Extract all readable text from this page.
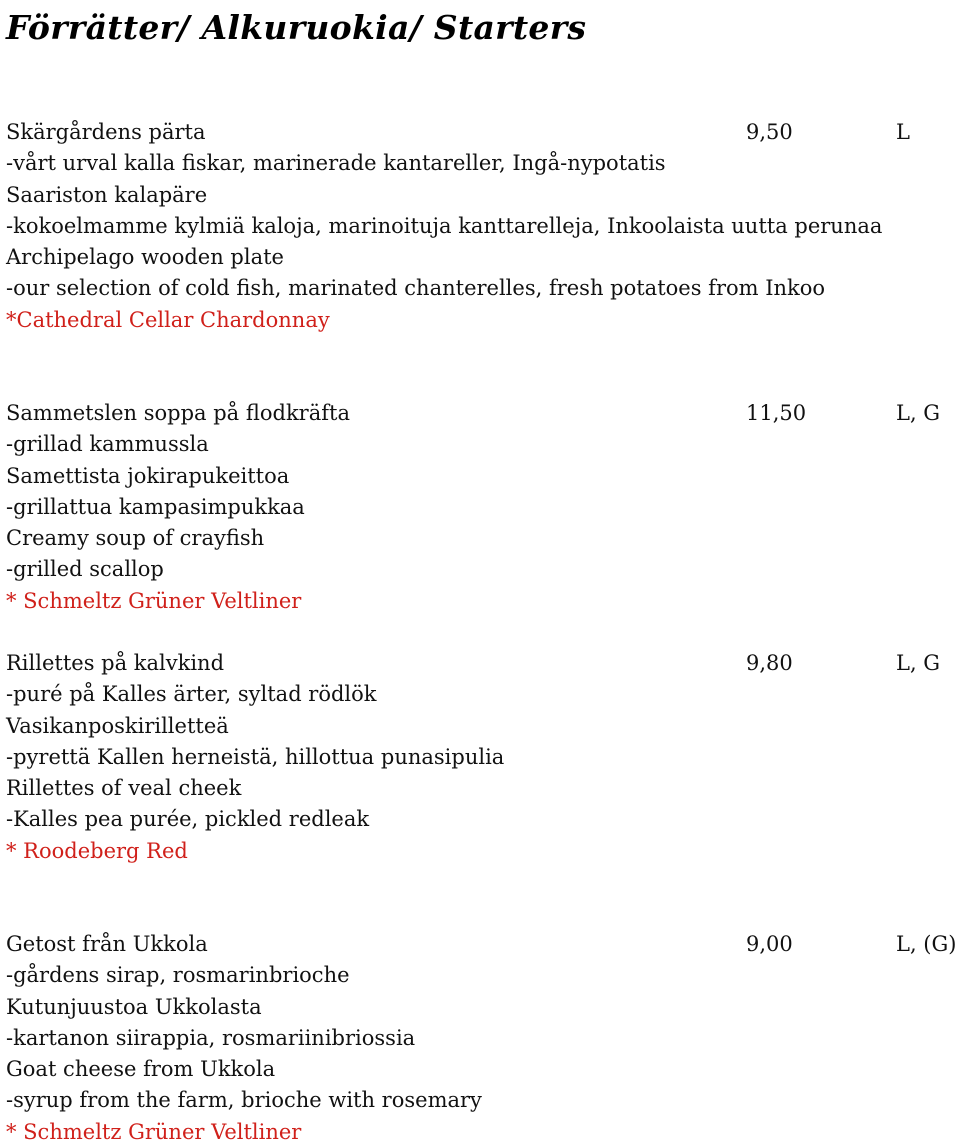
Förrätter/ Alkuruokia/ Starters
Skärgårdens pärta	9,50	L
-vårt urval kalla fiskar, marinerade kantareller, Ingå-nypotatis
Saariston kalapäre
-kokoelmamme kylmiä kaloja, marinoituja kanttarelleja, Inkoolaista uutta perunaa
Archipelago wooden plate
-our selection of cold fish, marinated chanterelles, fresh potatoes from Inkoo
*Cathedral Cellar Chardonnay
Sammetslen soppa på flodkräfta	11,50	L, G
-grillad kammussla
Samettista jokirapukeittoa
-grillattua kampasimpukkaa
Creamy soup of crayfish
-grilled scallop
* Schmeltz Grüner Veltliner
Rillettes på kalvkind	9,80	L, G
-puré på Kalles ärter, syltad rödlök
Vasikanposkirilletteä
-pyrettä Kallen herneistä, hillottua punasipulia
Rillettes of veal cheek
-Kalles pea purée, pickled redleak
* Roodeberg Red
Getost från Ukkola	9,00	L, (G)
-gårdens sirap, rosmarinbrioche
Kutunjuustoa Ukkolasta
-kartanon siirappia, rosmariinibriossia
Goat cheese from Ukkola
-syrup from the farm, brioche with rosemary
* Schmeltz Grüner Veltliner
